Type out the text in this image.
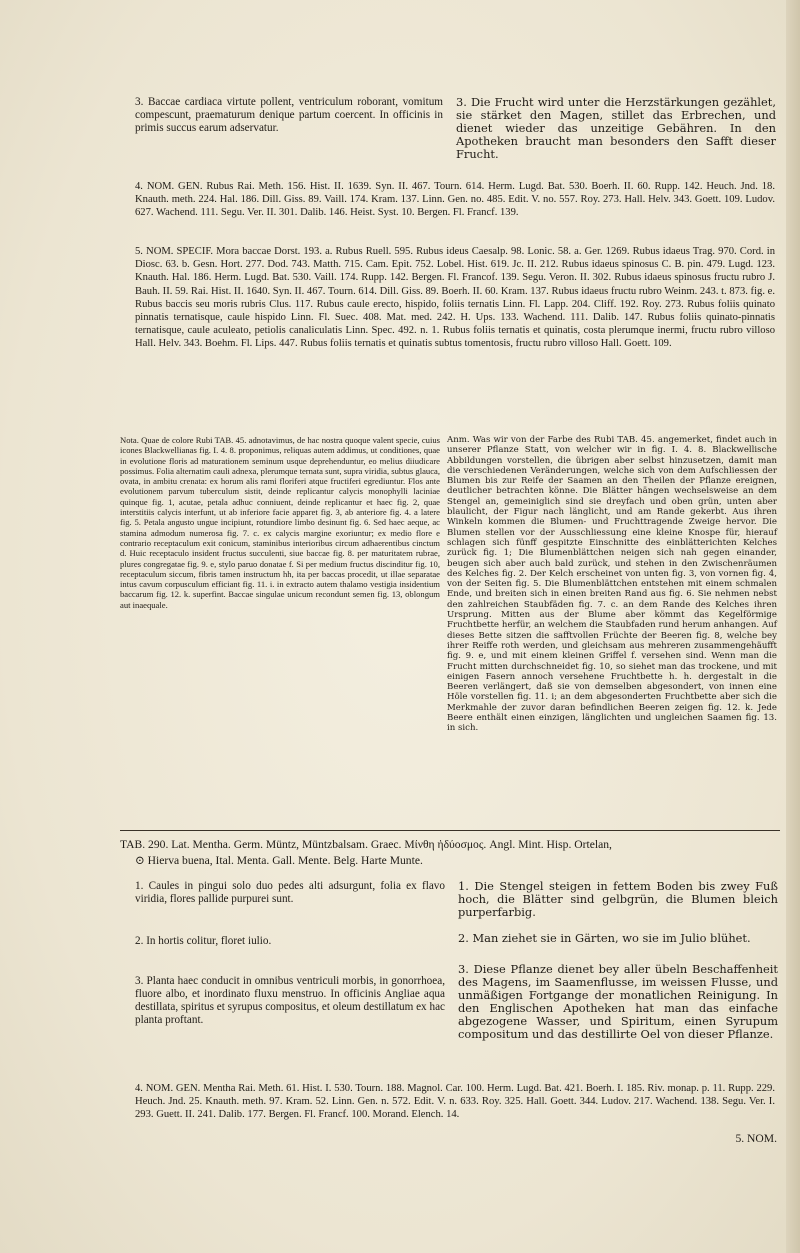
3. Baccae cardiaca virtute pollent, ventriculum roborant, vomitum compescunt, praematurum denique partum coercent. In officinis in primis succus earum adservatur.

3. Die Frucht wird unter die Herzstärkungen gezählet, sie stärket den Magen, stillet das Erbrechen, und dienet wieder das unzeitige Gebähren. In den Apotheken braucht man besonders den Safft dieser Frucht.

4. NOM. GEN. Rubus Rai. Meth. 156. Hist. II. 1639. Syn. II. 467. Tourn. 614. Herm. Lugd. Bat. 530. Boerh. II. 60. Rupp. 142. Heuch. Jnd. 18. Knauth. meth. 224. Hal. 186. Dill. Giss. 89. Vaill. 174. Kram. 137. Linn. Gen. no. 485. Edit. V. no. 557. Roy. 273. Hall. Helv. 343. Goett. 109. Ludov. 627. Wachend. 111. Segu. Ver. II. 301. Dalib. 146. Heist. Syst. 10. Bergen. Fl. Francf. 139.

5. NOM. SPECIF. Mora baccae Dorst. 193. a. Rubus Ruell. 595. Rubus ideus Caesalp. 98. Lonic. 58. a. Ger. 1269. Rubus idaeus Trag. 970. Cord. in Diosc. 63. b. Gesn. Hort. 277. Dod. 743. Matth. 715. Cam. Epit. 752. Lobel. Hist. 619. Jc. II. 212. Rubus idaeus spinosus C. B. pin. 479. Lugd. 123. Knauth. Hal. 186. Herm. Lugd. Bat. 530. Vaill. 174. Rupp. 142. Bergen. Fl. Francof. 139. Segu. Veron. II. 302. Rubus idaeus spinosus fructu rubro J. Bauh. II. 59. Rai. Hist. II. 1640. Syn. II. 467. Tourn. 614. Dill. Giss. 89. Boerh. II. 60. Kram. 137. Rubus idaeus fructu rubro Weinm. 243. t. 873. fig. e. Rubus baccis seu moris rubris Clus. 117. Rubus caule erecto, hispido, foliis ternatis Linn. Fl. Lapp. 204. Cliff. 192. Roy. 273. Rubus foliis quinato pinnatis ternatisque, caule hispido Linn. Fl. Suec. 408. Mat. med. 242. H. Ups. 133. Wachend. 111. Dalib. 147. Rubus foliis quinato-pinnatis ternatisque, caule aculeato, petiolis canaliculatis Linn. Spec. 492. n. 1. Rubus foliis ternatis et quinatis, costa plerumque inermi, fructu rubro villoso Hall. Helv. 343. Boehm. Fl. Lips. 447. Rubus foliis ternatis et quinatis subtus tomentosis, fructu rubro villoso Hall. Goett. 109.

Nota. Quae de colore Rubi TAB. 45. adnotavimus, de hac nostra quoque valent specie, cuius icones Blackwellianas fig. I. 4. 8. proponimus, reliquas autem addimus, ut conditiones, quae in evolutione floris ad maturationem seminum usque deprehenduntur, eo melius diiudicare possimus. Folia alternatim cauli adnexa, plerumque ternata sunt, supra viridia, subtus glauca, ovata, in ambitu crenata: ex horum alis rami floriferi atque fructiferi egrediuntur. Flos ante evolutionem parvum tuberculum sistit, deinde replicantur calycis monophylli laciniae quinque fig. 1, acutae, petala adhuc conniuent, deinde replicantur et haec fig. 2, quae interstitiis calycis interfunt, ut ab inferiore facie apparet fig. 3, ab anteriore fig. 4. a latere fig. 5. Petala angusto ungue incipiunt, rotundiore limbo desinunt fig. 6. Sed haec aeque, ac stamina admodum numerosa fig. 7. c. ex calycis margine exoriuntur; ex medio flore e contrario receptaculum exit conicum, staminibus interioribus circum adhaerentibus cinctum d. Huic receptaculo insident fructus succulenti, siue baccae fig. 8. per maturitatem rubrae, plures congregatae fig. 9. e, stylo paruo donatae f. Si per medium fructus discinditur fig. 10, receptaculum siccum, fibris tamen instructum hh, ita per baccas procedit, ut illae separatae intus cavum corpusculum efficiant fig. 11. i. in extracto autem thalamo vestigia insidentium baccarum fig. 12. k. superfint. Baccae singulae unicum recondunt semen fig. 13, oblongum aut inaequale.

Anm. Was wir von der Farbe des Rubi TAB. 45. angemerket, findet auch in unserer Pflanze Statt, von welcher wir in fig. I. 4. 8. Blackwellische Abbildungen vorstellen, die übrigen aber selbst hinzusetzen, damit man die verschiedenen Veränderungen, welche sich von dem Aufschliessen der Blumen bis zur Reife der Saamen an den Theilen der Pflanze ereignen, deutlicher betrachten könne. Die Blätter hängen wechselsweise an dem Stengel an, gemeiniglich sind sie dreyfach und oben grün, unten aber blaulicht, der Figur nach länglicht, und am Rande gekerbt. Aus ihren Winkeln kommen die Blumen- und Fruchttragende Zweige hervor. Die Blumen stellen vor der Ausschliessung eine kleine Knospe für, hierauf schlagen sich fünff gespitzte Einschnitte des einblätterichten Kelches zurück fig. 1; Die Blumenblättchen neigen sich nah gegen einander, beugen sich aber auch bald zurück, und stehen in den Zwischenräumen des Kelches fig. 2. Der Kelch erscheinet von unten fig. 3, von vornen fig. 4, von der Seiten fig. 5. Die Blumenblättchen entstehen mit einem schmalen Ende, und breiten sich in einen breiten Rand aus fig. 6. Sie nehmen nebst den zahlreichen Staubfäden fig. 7. c. an dem Rande des Kelches ihren Ursprung. Mitten aus der Blume aber kömmt das Kegelförmige Fruchtbette herfür, an welchem die Staubfaden rund herum anhangen. Auf dieses Bette sitzen die safftvollen Früchte der Beeren fig. 8, welche bey ihrer Reiffe roth werden, und gleichsam aus mehreren zusammengehäufft fig. 9. e, und mit einem kleinen Griffel f. versehen sind. Wenn man die Frucht mitten durchschneidet fig. 10, so siehet man das trockene, und mit einigen Fasern annoch versehene Fruchtbette h. h. dergestalt in die Beeren verlängert, daß sie von demselben abgesondert, von innen eine Höle vorstellen fig. 11. i; an dem abgesonderten Fruchtbette aber sich die Merkmahle der zuvor daran befindlichen Beeren zeigen fig. 12. k. Jede Beere enthält einen einzigen, länglichten und ungleichen Saamen fig. 13. in sich.

TAB. 290. Lat. Mentha. Germ. Müntz, Müntzbalsam. Graec. Μίνθη ἡδύοσμος. Angl. Mint. Hisp. Ortelan,

⊙ Hierva buena, Ital. Menta. Gall. Mente. Belg. Harte Munte.

1. Caules in pingui solo duo pedes alti adsurgunt, folia ex flavo viridia, flores pallide purpurei sunt.

2. In hortis colitur, floret iulio.

3. Planta haec conducit in omnibus ventriculi morbis, in gonorrhoea, fluore albo, et inordinato fluxu menstruo. In officinis Angliae aqua destillata, spiritus et syrupus compositus, et oleum destillatum ex hac planta proftant.

1. Die Stengel steigen in fettem Boden bis zwey Fuß hoch, die Blätter sind gelbgrün, die Blumen bleich purperfarbig.

2. Man ziehet sie in Gärten, wo sie im Julio blühet.

3. Diese Pflanze dienet bey aller übeln Beschaffenheit des Magens, im Saamenflusse, im weissen Flusse, und unmäßigen Fortgange der monatlichen Reinigung. In den Englischen Apotheken hat man das einfache abgezogene Wasser, und Spiritum, einen Syrupum compositum und das destillirte Oel von dieser Pflanze.

4. NOM. GEN. Mentha Rai. Meth. 61. Hist. I. 530. Tourn. 188. Magnol. Car. 100. Herm. Lugd. Bat. 421. Boerh. I. 185. Riv. monap. p. 11. Rupp. 229. Heuch. Jnd. 25. Knauth. meth. 97. Kram. 52. Linn. Gen. n. 572. Edit. V. n. 633. Roy. 325. Hall. Goett. 344. Ludov. 217. Wachend. 138. Segu. Ver. I. 293. Guett. II. 241. Dalib. 177. Bergen. Fl. Francf. 100. Morand. Elench. 14.

5. NOM.
